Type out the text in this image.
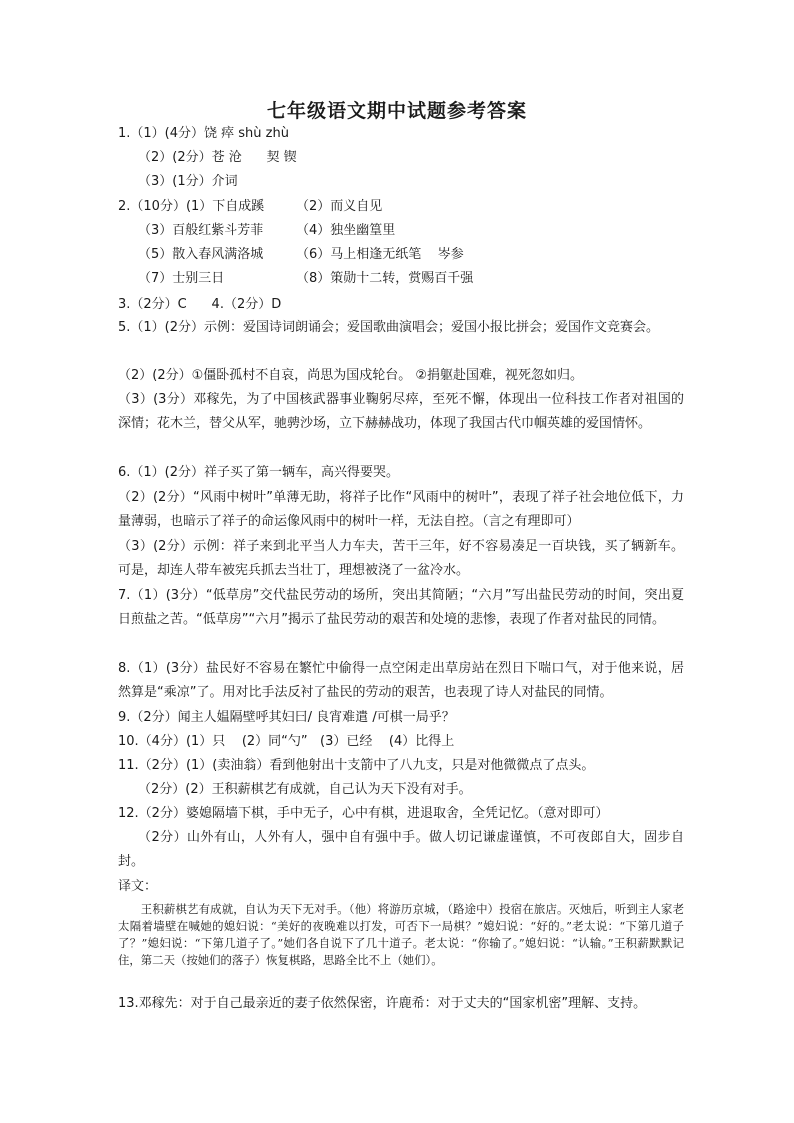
七年级语文期中试题参考答案
1.（1）(4分）饶 瘁 shù zhù
（2）(2分）苍 沧      契 锲
（3）(1分）介词
2.（10分）(1）下自成蹊 （2）而义自见
（3）百般红紫斗芳菲	（4）独坐幽篁里
（5）散入春风满洛城	（6）马上相逢无纸笔    岑参
（7）士别三日	（8）策勋十二转，赏赐百千强
3.（2分）C      4.（2分）D
5.（1）(2分）示例：爱国诗词朗诵会；爱国歌曲演唱会；爱国小报比拼会；爱国作文竞赛会。
（2）(2分）①僵卧孤村不自哀，尚思为国戍轮台。 ②捐躯赴国难，视死忽如归。
（3）(3分）邓稼先，为了中国核武器事业鞠躬尽瘁，至死不懈，体现出一位科技工作者对祖国的深情；花木兰，替父从军，驰骋沙场，立下赫赫战功，体现了我国古代巾帼英雄的爱国情怀。
6.（1）(2分）祥子买了第一辆车，高兴得要哭。
（2）(2分）“风雨中树叶”单薄无助，将祥子比作“风雨中的树叶”，表现了祥子社会地位低下，力量薄弱，也暗示了祥子的命运像风雨中的树叶一样，无法自控。（言之有理即可）
（3）(2分）示例：祥子来到北平当人力车夫，苦干三年，好不容易凑足一百块钱，买了辆新车。可是，却连人带车被宪兵抓去当壮丁，理想被浇了一盆冷水。
7.（1）(3分）“低草房”交代盐民劳动的场所，突出其简陋；“六月”写出盐民劳动的时间，突出夏日煎盐之苦。“低草房”“六月”揭示了盐民劳动的艰苦和处境的悲惨，表现了作者对盐民的同情。
8.（1）(3分）盐民好不容易在繁忙中偷得一点空闲走出草房站在烈日下喘口气，对于他来说，居然算是“乘凉”了。用对比手法反衬了盐民的劳动的艰苦，也表现了诗人对盐民的同情。
9.（2分）闻主人媪隔壁呼其妇曰/ 良宵难遣 /可棋一局乎？
10.（4分）(1）只    (2）同“勺”   (3）已经    (4）比得上
11.（2分）(1）(卖油翁）看到他射出十支箭中了八九支，只是对他微微点了点头。
（2分）(2）王积薪棋艺有成就，自己认为天下没有对手。
12.（2分）婆媳隔墙下棋，手中无子，心中有棋，进退取舍，全凭记忆。（意对即可）
（2分）山外有山，人外有人，强中自有强中手。做人切记谦虚谨慎，不可夜郎自大，固步自封。
译文：
王积薪棋艺有成就，自认为天下无对手。（他）将游历京城，（路途中）投宿在旅店。灭烛后，听到主人家老太隔着墙壁在喊她的媳妇说：“美好的夜晚难以打发，可否下一局棋？”媳妇说：“好的。”老太说：“下第几道子了？”媳妇说：“下第几道子了。”她们各自说下了几十道子。老太说：“你输了。”媳妇说：“认输。”王积薪默默记住，第二天（按她们的落子）恢复棋路，思路全比不上（她们）。
13.邓稼先：对于自己最亲近的妻子依然保密，许鹿希：对于丈夫的“国家机密”理解、支持。
